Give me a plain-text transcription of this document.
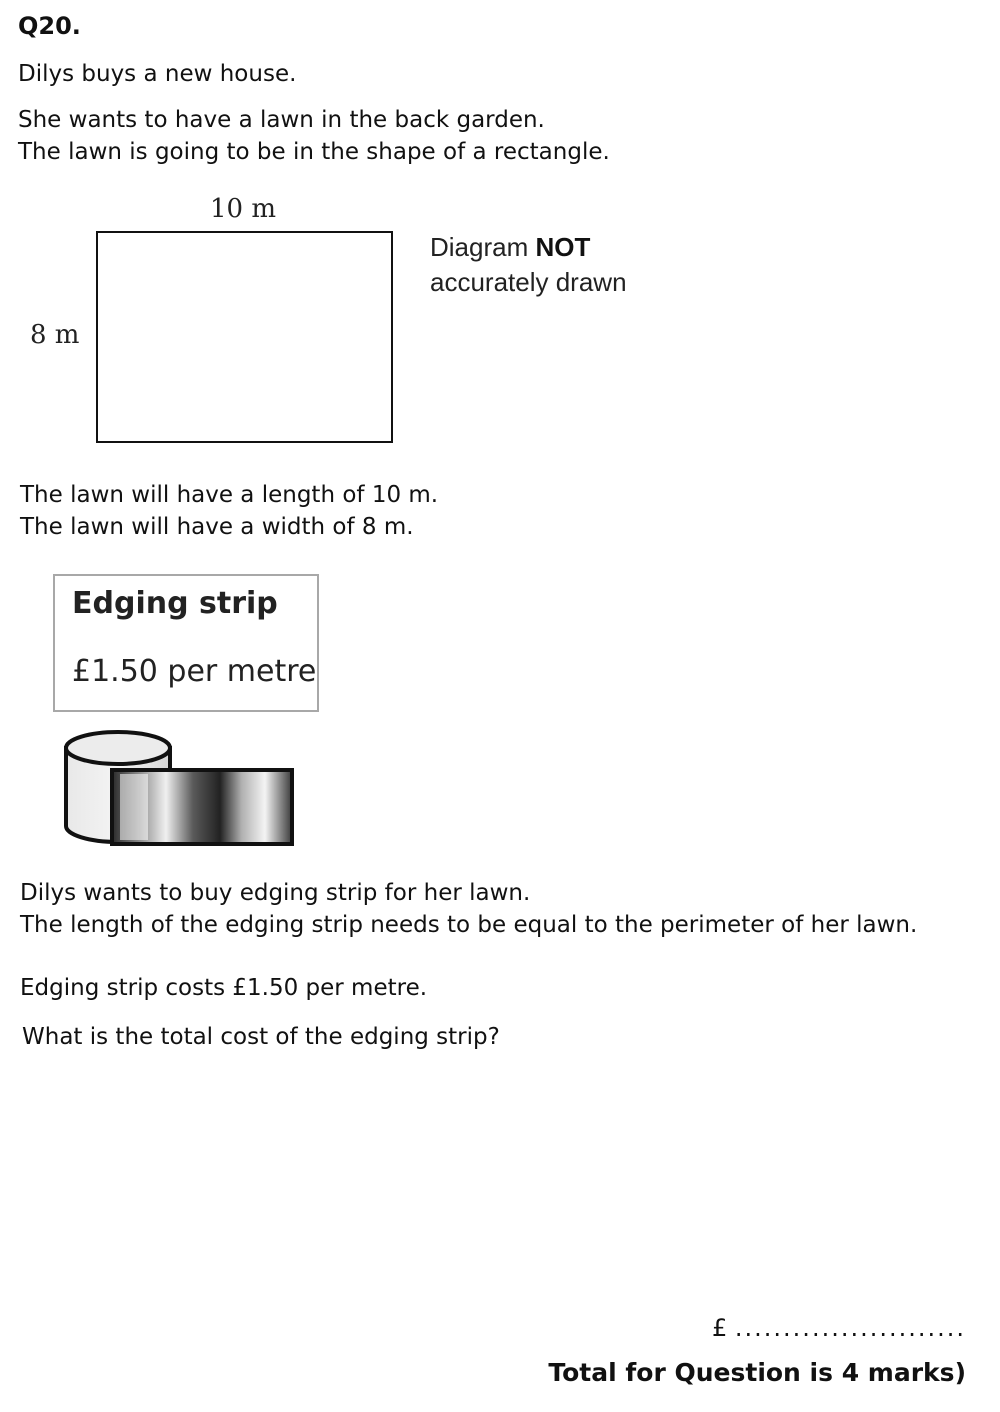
Q20.
Dilys buys a new house.
She wants to have a lawn in the back garden.
The lawn is going to be in the shape of a rectangle.
10 m
8 m
Diagram NOT
accurately drawn
The lawn will have a length of 10 m.
The lawn will have a width of 8 m.
Edging strip
£1.50 per metre
Dilys wants to buy edging strip for her lawn.
The length of the edging strip needs to be equal to the perimeter of her lawn.
Edging strip costs £1.50 per metre.
What is the total cost of the edging strip?
£ ........................
Total for Question is 4 marks)
